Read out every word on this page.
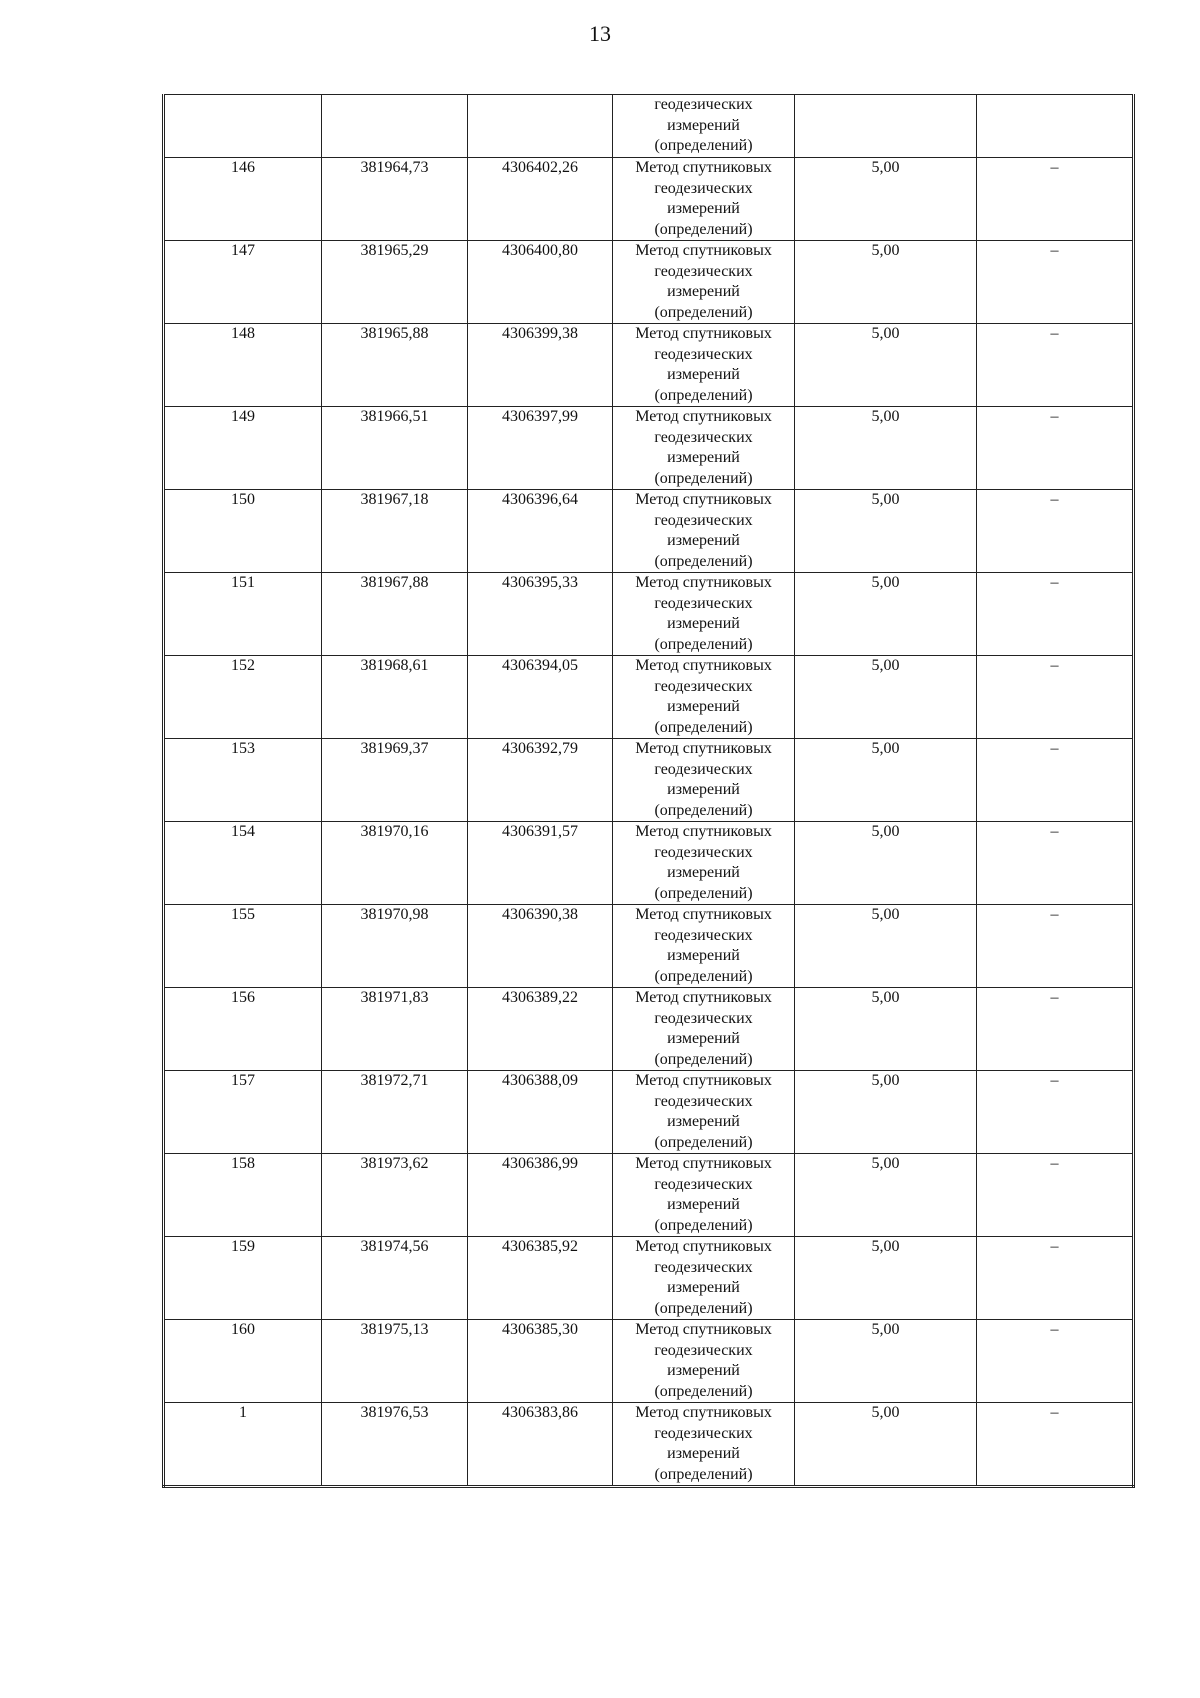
13

			геодезических
измерений
(определений)		

146	381964,73	4306402,26	Метод спутниковых
геодезических
измерений
(определений)	5,00	–
147	381965,29	4306400,80	Метод спутниковых
геодезических
измерений
(определений)	5,00	–
148	381965,88	4306399,38	Метод спутниковых
геодезических
измерений
(определений)	5,00	–
149	381966,51	4306397,99	Метод спутниковых
геодезических
измерений
(определений)	5,00	–
150	381967,18	4306396,64	Метод спутниковых
геодезических
измерений
(определений)	5,00	–
151	381967,88	4306395,33	Метод спутниковых
геодезических
измерений
(определений)	5,00	–
152	381968,61	4306394,05	Метод спутниковых
геодезических
измерений
(определений)	5,00	–
153	381969,37	4306392,79	Метод спутниковых
геодезических
измерений
(определений)	5,00	–
154	381970,16	4306391,57	Метод спутниковых
геодезических
измерений
(определений)	5,00	–
155	381970,98	4306390,38	Метод спутниковых
геодезических
измерений
(определений)	5,00	–
156	381971,83	4306389,22	Метод спутниковых
геодезических
измерений
(определений)	5,00	–
157	381972,71	4306388,09	Метод спутниковых
геодезических
измерений
(определений)	5,00	–
158	381973,62	4306386,99	Метод спутниковых
геодезических
измерений
(определений)	5,00	–
159	381974,56	4306385,92	Метод спутниковых
геодезических
измерений
(определений)	5,00	–
160	381975,13	4306385,30	Метод спутниковых
геодезических
измерений
(определений)	5,00	–
1	381976,53	4306383,86	Метод спутниковых
геодезических
измерений
(определений)	5,00	–
